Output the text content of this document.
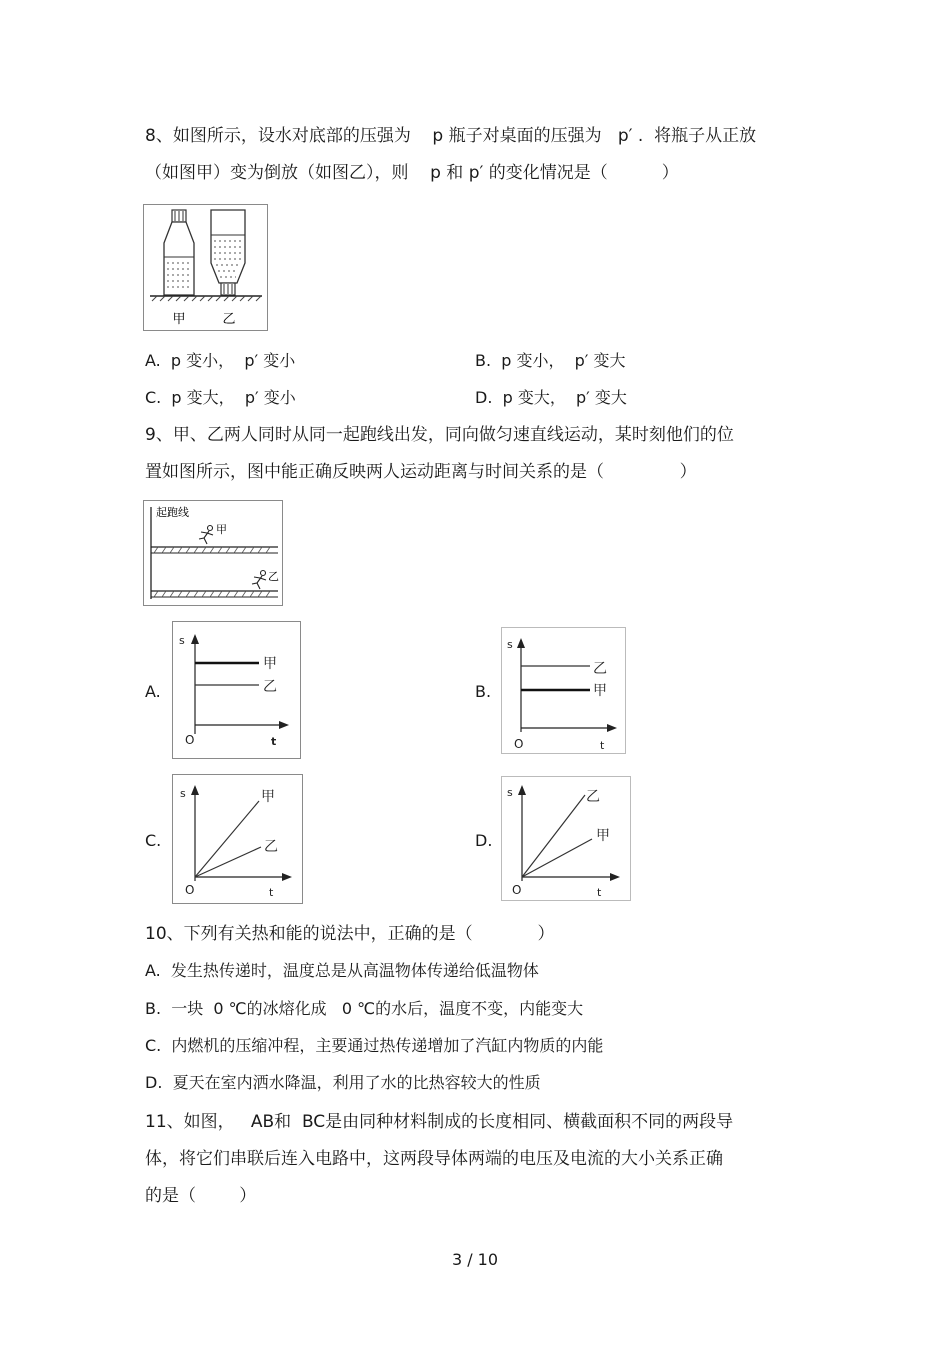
8、如图所示，设水对底部的压强为    p 瓶子对桌面的压强为   p′ .  将瓶子从正放
（如图甲）变为倒放（如图乙），则    p 和 p′ 的变化情况是（          ）
甲	乙
A.  p 变小，  p′ 变小	B.  p 变小，  p′ 变大
C.  p 变大，  p′ 变小	D.  p 变大，  p′ 变大
9、甲、乙两人同时从同一起跑线出发，同向做匀速直线运动，某时刻他们的位
置如图所示，图中能正确反映两人运动距离与时间关系的是（              ）
起跑线
甲
乙
A.
s
O	t
甲
乙	B.
s
O	t
乙
甲
C.
s
O	t
甲
乙	D.
s
O	t
乙
甲
10、下列有关热和能的说法中，正确的是（            ）
A.  发生热传递时，温度总是从高温物体传递给低温物体
B.  一块  0 ℃的冰熔化成   0 ℃的水后，温度不变，内能变大
C.  内燃机的压缩冲程，主要通过热传递增加了汽缸内物质的内能
D.  夏天在室内洒水降温，利用了水的比热容较大的性质
11、如图，   AB和  BC是由同种材料制成的长度相同、横截面积不同的两段导
体，将它们串联后连入电路中，这两段导体两端的电压及电流的大小关系正确
的是（        ）
3 / 10
